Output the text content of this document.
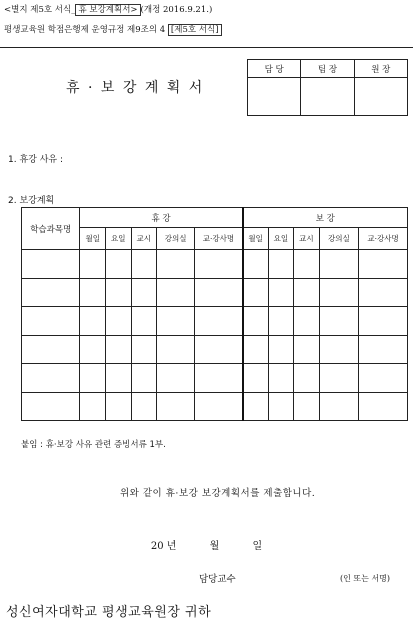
<별지 제5호 서식_ 휴 보강계획서> (개정 2016.9.21.)
평생교육원 학점은행제 운영규정 제9조의 4 [제5호 서식]
휴 · 보 강 계 획 서
담 당	팀 장	원 장

1. 휴강 사유 :
2. 보강계획
학습과목명	휴 강					보 강				
	월일	요일	교시	강의실	교·강사명	월일	요일	교시	강의실	교·강사명

붙임 : 휴·보강 사유 관련 증빙서류 1부.
위와 같이 휴·보강 보강계획서를 제출합니다.
20 년	월	일
담당교수	(인 또는 서명)
성신여자대학교 평생교육원장 귀하
